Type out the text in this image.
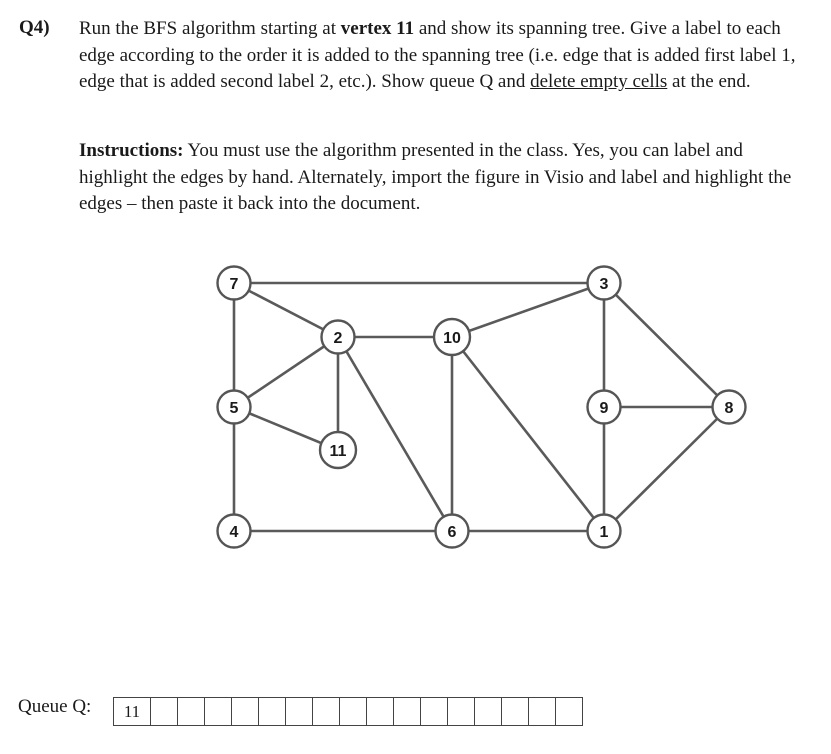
Q4) Run the BFS algorithm starting at vertex 11 and show its spanning tree. Give a label to each edge according to the order it is added to the spanning tree (i.e. edge that is added first label 1, edge that is added second label 2, etc.). Show queue Q and delete empty cells at the end.
Instructions: You must use the algorithm presented in the class. Yes, you can label and highlight the edges by hand. Alternately, import the figure in Visio and label and highlight the edges – then paste it back into the document.
7	3
2	10
5	9	8
11
4	6	1
Queue Q:	11
